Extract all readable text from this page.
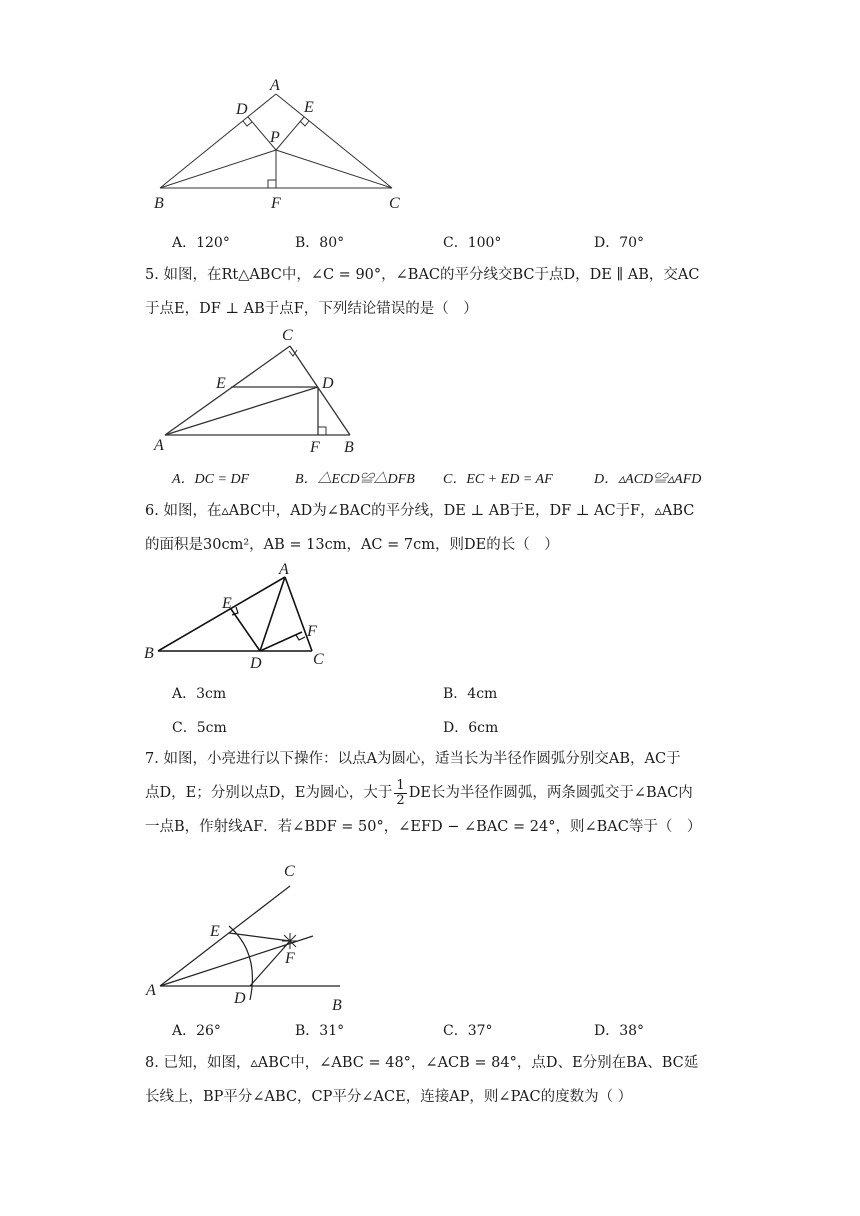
A
D	E
P
B	F	C
A．120°	B．80°	C．100°	D．70°
5. 如图，在Rt△ABC中，∠C = 90°，∠BAC的平分线交BC于点D，DE ∥ AB，交AC
于点E，DF ⊥ AB于点F，下列结论错误的是（　）
C
E	D
A	F B
A．DC = DF	B．△ECD≌△DFB C．EC + ED = AF	D．▵ACD≌▵AFD
6. 如图，在▵ABC中，AD为∠BAC的平分线，DE ⊥ AB于E，DF ⊥ AC于F，▵ABC
的面积是30cm²，AB = 13cm，AC = 7cm，则DE的长（　）
A
E
F
B
D	C
A．3cm	B．4cm
C．5cm	D．6cm
7. 如图，小亮进行以下操作：以点A为圆心，适当长为半径作圆弧分别交AB，AC于
点D，E；分别以点D，E为圆心，大于 $\frac{1}{2}$ DE长为半径作圆弧，两条圆弧交于∠BAC内
一点B，作射线AF．若∠BDF = 50°，∠EFD − ∠BAC = 24°，则∠BAC等于（　）
C
E
F
A	D	B
A．26°	B．31°	C．37°	D．38°
8. 已知，如图，▵ABC中，∠ABC = 48°，∠ACB = 84°，点D、E分别在BA、BC延
长线上，BP平分∠ABC，CP平分∠ACE，连接AP，则∠PAC的度数为（ ）
